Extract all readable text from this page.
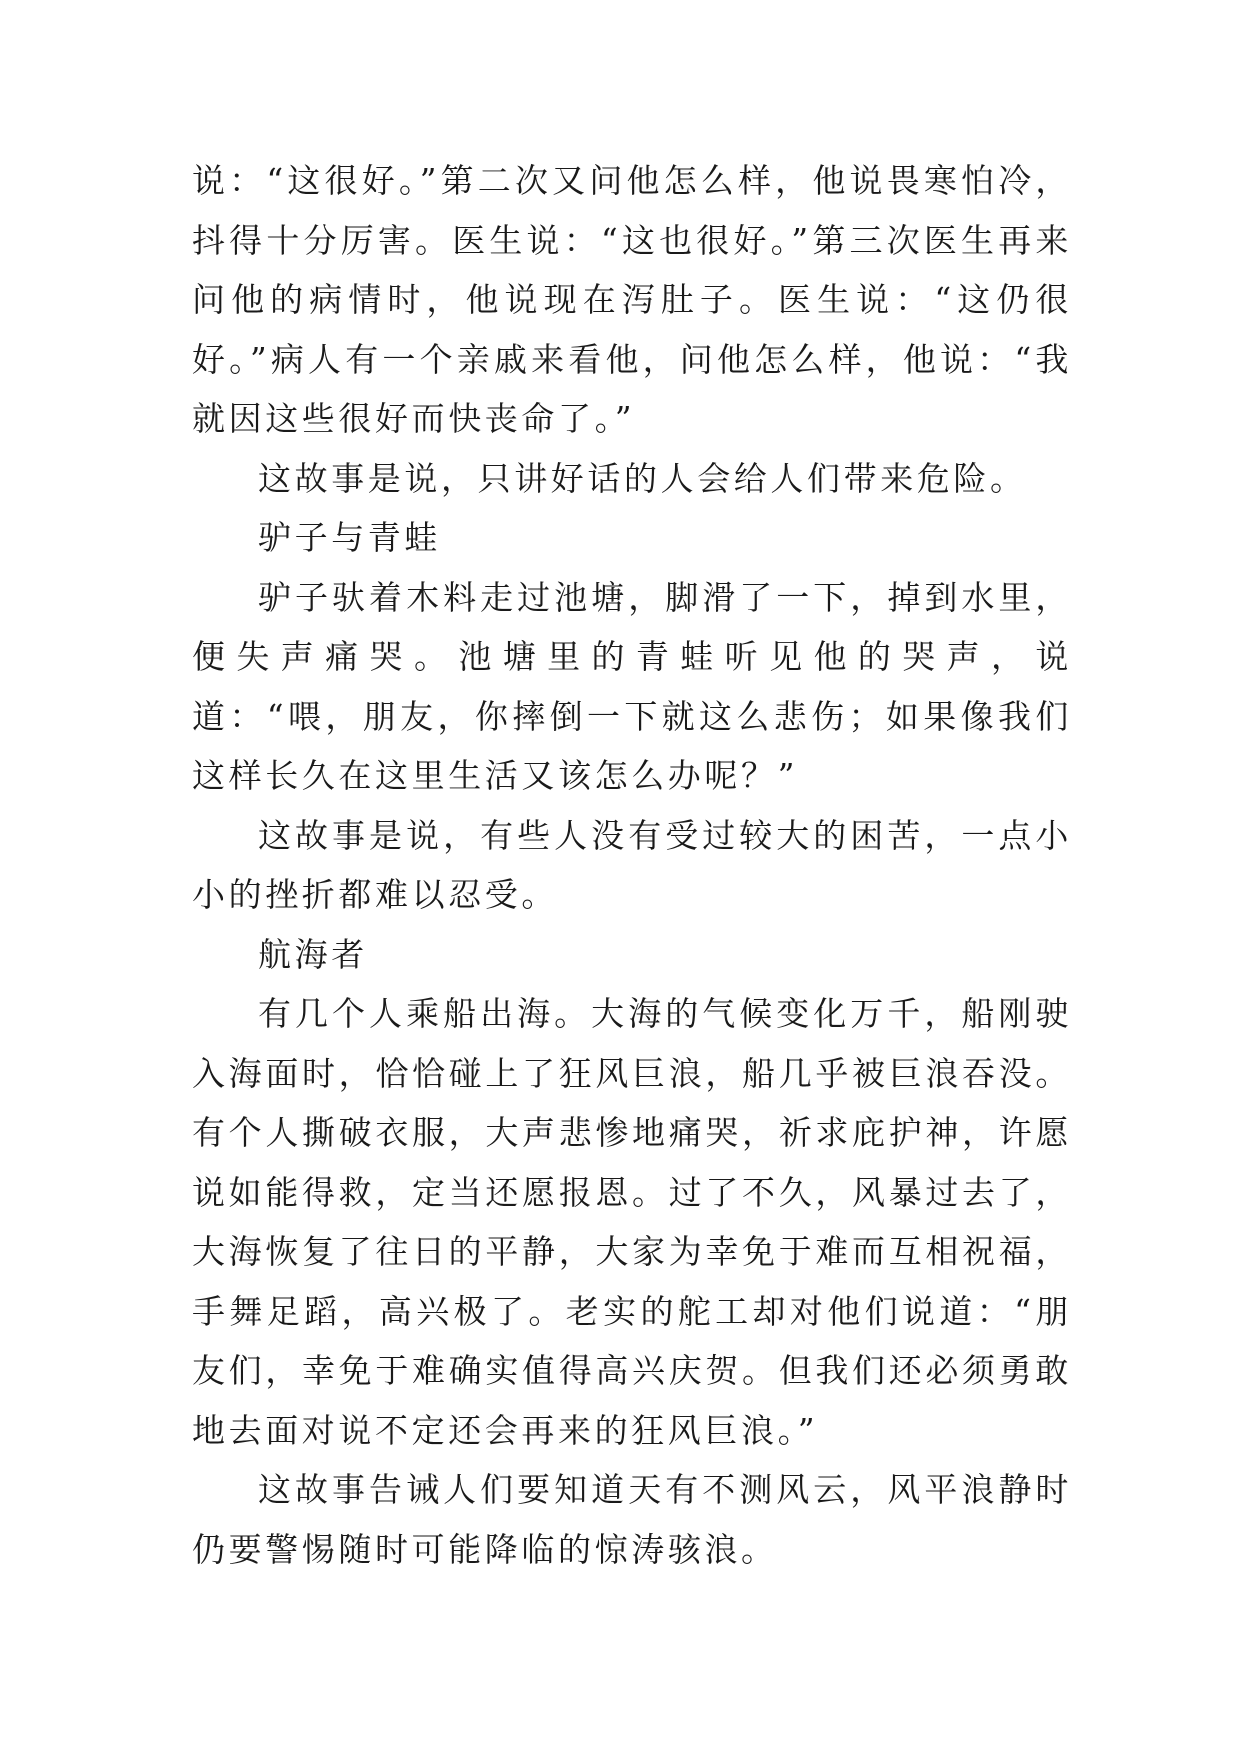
说：“这很好。”第二次又问他怎么样，他说畏寒怕冷，抖得十分厉害。医生说：“这也很好。”第三次医生再来问他的病情时，他说现在泻肚子。医生说：“这仍很好。”病人有一个亲戚来看他，问他怎么样，他说：“我就因这些很好而快丧命了。”

这故事是说，只讲好话的人会给人们带来危险。

驴子与青蛙

驴子驮着木料走过池塘，脚滑了一下，掉到水里，便失声痛哭。池塘里的青蛙听见他的哭声，说道：“喂，朋友，你摔倒一下就这么悲伤；如果像我们这样长久在这里生活又该怎么办呢？”

这故事是说，有些人没有受过较大的困苦，一点小小的挫折都难以忍受。

航海者

有几个人乘船出海。大海的气候变化万千，船刚驶入海面时，恰恰碰上了狂风巨浪，船几乎被巨浪吞没。有个人撕破衣服，大声悲惨地痛哭，祈求庇护神，许愿说如能得救，定当还愿报恩。过了不久，风暴过去了，大海恢复了往日的平静，大家为幸免于难而互相祝福，手舞足蹈，高兴极了。老实的舵工却对他们说道：“朋友们，幸免于难确实值得高兴庆贺。但我们还必须勇敢地去面对说不定还会再来的狂风巨浪。”

这故事告诫人们要知道天有不测风云，风平浪静时仍要警惕随时可能降临的惊涛骇浪。
